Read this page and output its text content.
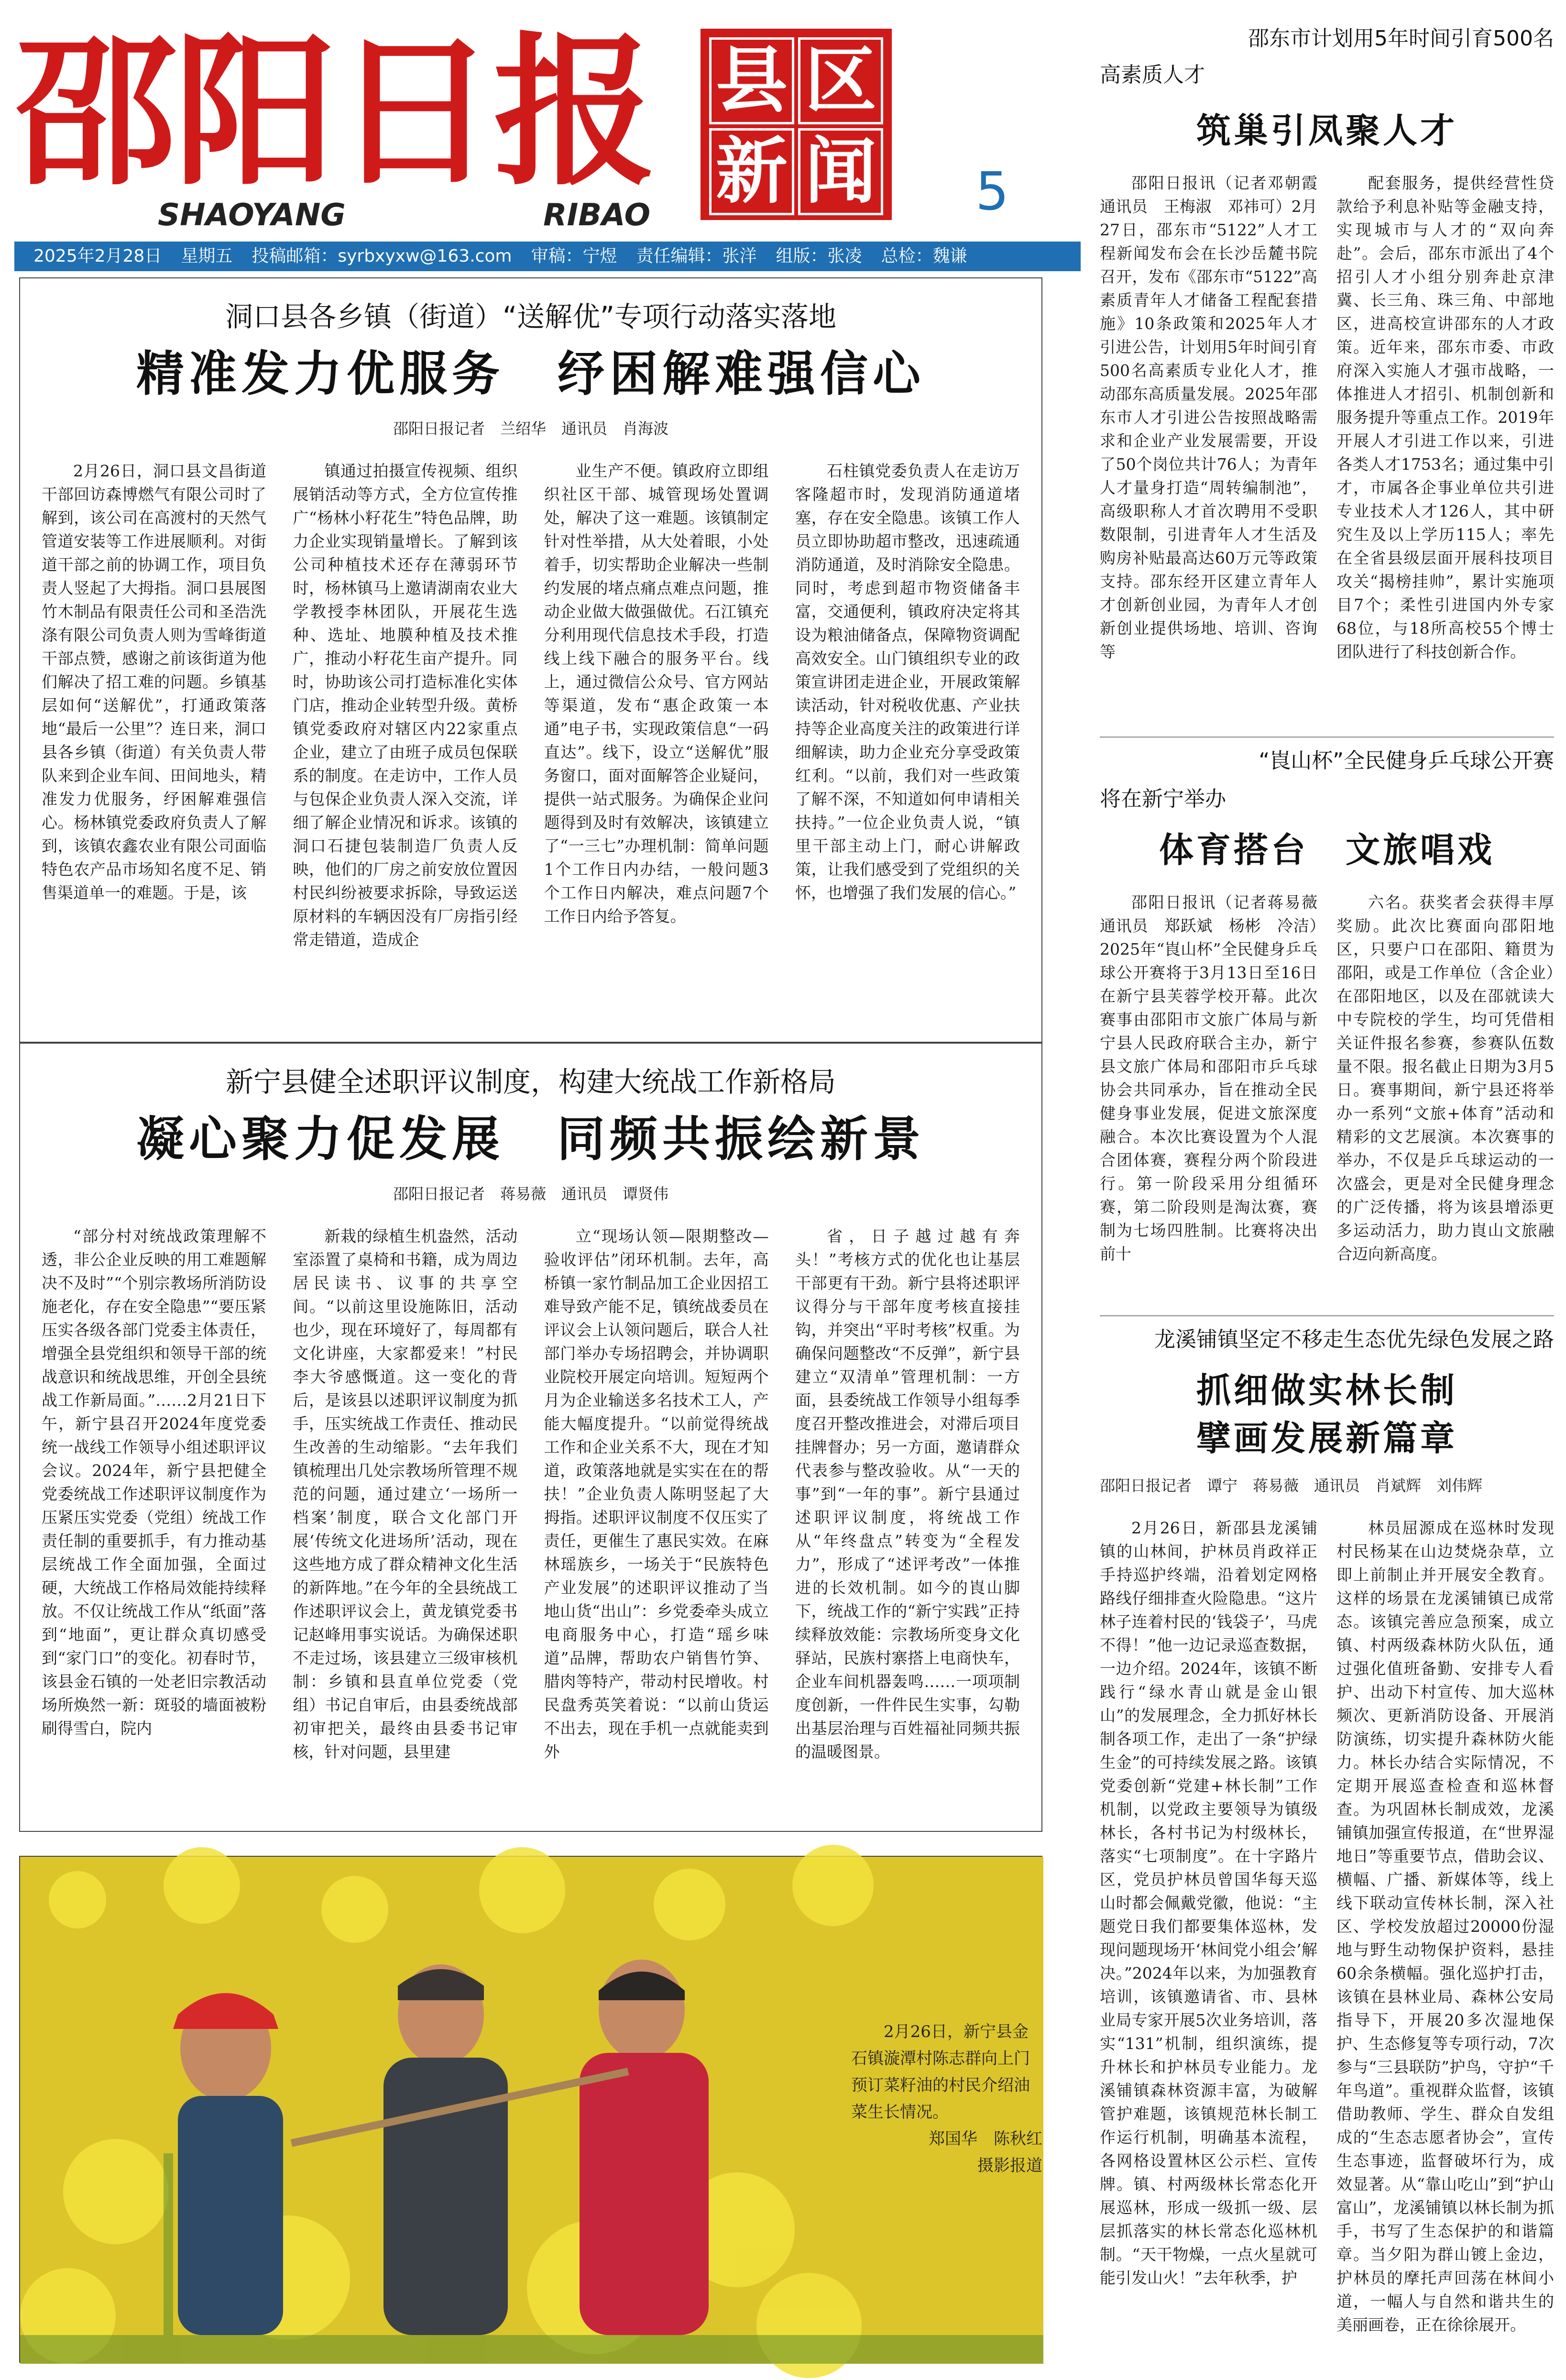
邵阳日报
SHAOYANG	RIBAO
县 区
新 闻 5
2025年2月28日 星期五 投稿邮箱：syrbxyxw@163.com 审稿：宁煜 责任编辑：张洋 组版：张凌 总检：魏谦
洞口县各乡镇（街道）“送解优”专项行动落实落地
精准发力优服务　纾困解难强信心
邵阳日报记者　兰绍华　通讯员　肖海波
2月26日，洞口县文昌街道干部回访森博燃气有限公司时了解到，该公司在高渡村的天然气管道安装等工作进展顺利。对街道干部之前的协调工作，项目负责人竖起了大拇指。洞口县展图竹木制品有限责任公司和圣浩洗涤有限公司负责人则为雪峰街道干部点赞，感谢之前该街道为他们解决了招工难的问题。乡镇基层如何“送解优”，打通政策落地“最后一公里”？连日来，洞口县各乡镇（街道）有关负责人带队来到企业车间、田间地头，精准发力优服务，纾困解难强信心。杨林镇党委政府负责人了解到，该镇农鑫农业有限公司面临特色农产品市场知名度不足、销售渠道单一的难题。于是，该
镇通过拍摄宣传视频、组织展销活动等方式，全方位宣传推广“杨林小籽花生”特色品牌，助力企业实现销量增长。了解到该公司种植技术还存在薄弱环节时，杨林镇马上邀请湖南农业大学教授李林团队，开展花生选种、选址、地膜种植及技术推广，推动小籽花生亩产提升。同时，协助该公司打造标准化实体门店，推动企业转型升级。黄桥镇党委政府对辖区内22家重点企业，建立了由班子成员包保联系的制度。在走访中，工作人员与包保企业负责人深入交流，详细了解企业情况和诉求。该镇的洞口石捷包装制造厂负责人反映，他们的厂房之前安放位置因村民纠纷被要求拆除，导致运送原材料的车辆因没有厂房指引经常走错道，造成企
业生产不便。镇政府立即组织社区干部、城管现场处置调处，解决了这一难题。该镇制定针对性举措，从大处着眼，小处着手，切实帮助企业解决一些制约发展的堵点痛点难点问题，推动企业做大做强做优。石江镇充分利用现代信息技术手段，打造线上线下融合的服务平台。线上，通过微信公众号、官方网站等渠道，发布“惠企政策一本通”电子书，实现政策信息“一码直达”。线下，设立“送解优”服务窗口，面对面解答企业疑问，提供一站式服务。为确保企业问题得到及时有效解决，该镇建立了“一三七”办理机制：简单问题1个工作日内办结，一般问题3个工作日内解决，难点问题7个工作日内给予答复。
石柱镇党委负责人在走访万客隆超市时，发现消防通道堵塞，存在安全隐患。该镇工作人员立即协助超市整改，迅速疏通消防通道，及时消除安全隐患。同时，考虑到超市物资储备丰富，交通便利，镇政府决定将其设为粮油储备点，保障物资调配高效安全。山门镇组织专业的政策宣讲团走进企业，开展政策解读活动，针对税收优惠、产业扶持等企业高度关注的政策进行详细解读，助力企业充分享受政策红利。“以前，我们对一些政策了解不深，不知道如何申请相关扶持。”一位企业负责人说，“镇里干部主动上门，耐心讲解政策，让我们感受到了党组织的关怀，也增强了我们发展的信心。”
新宁县健全述职评议制度，构建大统战工作新格局
凝心聚力促发展　同频共振绘新景
邵阳日报记者　蒋易薇　通讯员　谭贤伟
“部分村对统战政策理解不透，非公企业反映的用工难题解决不及时”“个别宗教场所消防设施老化，存在安全隐患”“要压紧压实各级各部门党委主体责任，增强全县党组织和领导干部的统战意识和统战思维，开创全县统战工作新局面。”……2月21日下午，新宁县召开2024年度党委统一战线工作领导小组述职评议会议。2024年，新宁县把健全党委统战工作述职评议制度作为压紧压实党委（党组）统战工作责任制的重要抓手，有力推动基层统战工作全面加强，全面过硬，大统战工作格局效能持续释放。不仅让统战工作从“纸面”落到“地面”，更让群众真切感受到“家门口”的变化。初春时节，该县金石镇的一处老旧宗教活动场所焕然一新：斑驳的墙面被粉刷得雪白，院内
新栽的绿植生机盎然，活动室添置了桌椅和书籍，成为周边居民读书、议事的共享空间。“以前这里设施陈旧，活动也少，现在环境好了，每周都有文化讲座，大家都爱来！”村民李大爷感慨道。这一变化的背后，是该县以述职评议制度为抓手，压实统战工作责任、推动民生改善的生动缩影。“去年我们镇梳理出几处宗教场所管理不规范的问题，通过建立‘一场所一档案’制度，联合文化部门开展‘传统文化进场所’活动，现在这些地方成了群众精神文化生活的新阵地。”在今年的全县统战工作述职评议会上，黄龙镇党委书记赵峰用事实说话。为确保述职不走过场，该县建立三级审核机制：乡镇和县直单位党委（党组）书记自审后，由县委统战部初审把关，最终由县委书记审核，针对问题，县里建
立“现场认领—限期整改—验收评估”闭环机制。去年，高桥镇一家竹制品加工企业因招工难导致产能不足，镇统战委员在评议会上认领问题后，联合人社部门举办专场招聘会，并协调职业院校开展定向培训。短短两个月为企业输送多名技术工人，产能大幅度提升。“以前觉得统战工作和企业关系不大，现在才知道，政策落地就是实实在在的帮扶！”企业负责人陈明竖起了大拇指。述职评议制度不仅压实了责任，更催生了惠民实效。在麻林瑶族乡，一场关于“民族特色产业发展”的述职评议推动了当地山货“出山”：乡党委牵头成立电商服务中心，打造“瑶乡味道”品牌，帮助农户销售竹笋、腊肉等特产，带动村民增收。村民盘秀英笑着说：“以前山货运不出去，现在手机一点就能卖到外
省，日子越过越有奔头！”考核方式的优化也让基层干部更有干劲。新宁县将述职评议得分与干部年度考核直接挂钩，并突出“平时考核”权重。为确保问题整改“不反弹”，新宁县建立“双清单”管理机制：一方面，县委统战工作领导小组每季度召开整改推进会，对滞后项目挂牌督办；另一方面，邀请群众代表参与整改验收。从“一天的事”到“一年的事”。新宁县通过述职评议制度，将统战工作从“年终盘点”转变为“全程发力”，形成了“述评考改”一体推进的长效机制。如今的崀山脚下，统战工作的“新宁实践”正持续释放效能：宗教场所变身文化驿站，民族村寨搭上电商快车，企业车间机器轰鸣……一项项制度创新，一件件民生实事，勾勒出基层治理与百姓福祉同频共振的温暖图景。
2月26日，新宁县金石镇漩潭村陈志群向上门预订菜籽油的村民介绍油菜生长情况。
郑国华　陈秋红
摄影报道
邵东市计划用5年时间引育500名
高素质人才
筑巢引凤聚人才
邵阳日报讯（记者邓朝霞　通讯员　王梅淑　邓祎可）2月27日，邵东市“5122”人才工程新闻发布会在长沙岳麓书院召开，发布《邵东市“5122”高素质青年人才储备工程配套措施》10条政策和2025年人才引进公告，计划用5年时间引育500名高素质专业化人才，推动邵东高质量发展。2025年邵东市人才引进公告按照战略需求和企业产业发展需要，开设了50个岗位共计76人；为青年人才量身打造“周转编制池”，高级职称人才首次聘用不受职数限制，引进青年人才生活及购房补贴最高达60万元等政策支持。邵东经开区建立青年人才创新创业园，为青年人才创新创业提供场地、培训、咨询等
配套服务，提供经营性贷款给予利息补贴等金融支持，实现城市与人才的“双向奔赴”。会后，邵东市派出了4个招引人才小组分别奔赴京津冀、长三角、珠三角、中部地区，进高校宣讲邵东的人才政策。近年来，邵东市委、市政府深入实施人才强市战略，一体推进人才招引、机制创新和服务提升等重点工作。2019年开展人才引进工作以来，引进各类人才1753名；通过集中引才，市属各企事业单位共引进专业技术人才126人，其中研究生及以上学历115人；率先在全省县级层面开展科技项目攻关“揭榜挂帅”，累计实施项目7个；柔性引进国内外专家68位，与18所高校55个博士团队进行了科技创新合作。
“崀山杯”全民健身乒乓球公开赛
将在新宁举办
体育搭台　文旅唱戏
邵阳日报讯（记者蒋易薇　通讯员　郑跃斌　杨彬　冷洁）2025年“崀山杯”全民健身乒乓球公开赛将于3月13日至16日在新宁县芙蓉学校开幕。此次赛事由邵阳市文旅广体局与新宁县人民政府联合主办，新宁县文旅广体局和邵阳市乒乓球协会共同承办，旨在推动全民健身事业发展，促进文旅深度融合。本次比赛设置为个人混合团体赛，赛程分两个阶段进行。第一阶段采用分组循环赛，第二阶段则是淘汰赛，赛制为七场四胜制。比赛将决出前十
六名。获奖者会获得丰厚奖励。此次比赛面向邵阳地区，只要户口在邵阳、籍贯为邵阳，或是工作单位（含企业）在邵阳地区，以及在邵就读大中专院校的学生，均可凭借相关证件报名参赛，参赛队伍数量不限。报名截止日期为3月5日。赛事期间，新宁县还将举办一系列“文旅+体育”活动和精彩的文艺展演。本次赛事的举办，不仅是乒乓球运动的一次盛会，更是对全民健身理念的广泛传播，将为该县增添更多运动活力，助力崀山文旅融合迈向新高度。
龙溪铺镇坚定不移走生态优先绿色发展之路
抓细做实林长制
擘画发展新篇章
邵阳日报记者　谭宁　蒋易薇　通讯员　肖斌辉　刘伟辉
2月26日，新邵县龙溪铺镇的山林间，护林员肖政祥正手持巡护终端，沿着划定网格路线仔细排查火险隐患。“这片林子连着村民的‘钱袋子’，马虎不得！”他一边记录巡查数据，一边介绍。2024年，该镇不断践行“绿水青山就是金山银山”的发展理念，全力抓好林长制各项工作，走出了一条“护绿生金”的可持续发展之路。该镇党委创新“党建+林长制”工作机制，以党政主要领导为镇级林长，各村书记为村级林长，落实“七项制度”。在十字路片区，党员护林员曾国华每天巡山时都会佩戴党徽，他说：“主题党日我们都要集体巡林，发现问题现场开‘林间党小组会’解决。”2024年以来，为加强教育培训，该镇邀请省、市、县林业局专家开展5次业务培训，落实“131”机制，组织演练，提升林长和护林员专业能力。龙溪铺镇森林资源丰富，为破解管护难题，该镇规范林长制工作运行机制，明确基本流程，各网格设置林区公示栏、宣传牌。镇、村两级林长常态化开展巡林，形成一级抓一级、层层抓落实的林长常态化巡林机制。“天干物燥，一点火星就可能引发山火！”去年秋季，护
林员屈源成在巡林时发现村民杨某在山边焚烧杂草，立即上前制止并开展安全教育。这样的场景在龙溪铺镇已成常态。该镇完善应急预案，成立镇、村两级森林防火队伍，通过强化值班备勤、安排专人看护、出动下村宣传、加大巡林频次、更新消防设备、开展消防演练，切实提升森林防火能力。林长办结合实际情况，不定期开展巡查检查和巡林督查。为巩固林长制成效，龙溪铺镇加强宣传报道，在“世界湿地日”等重要节点，借助会议、横幅、广播、新媒体等，线上线下联动宣传林长制，深入社区、学校发放超过20000份湿地与野生动物保护资料，悬挂60余条横幅。强化巡护打击，该镇在县林业局、森林公安局指导下，开展20多次湿地保护、生态修复等专项行动，7次参与“三县联防”护鸟，守护“千年鸟道”。重视群众监督，该镇借助教师、学生、群众自发组成的“生态志愿者协会”，宣传生态事迹，监督破坏行为，成效显著。从“靠山吃山”到“护山富山”，龙溪铺镇以林长制为抓手，书写了生态保护的和谐篇章。当夕阳为群山镀上金边，护林员的摩托声回荡在林间小道，一幅人与自然和谐共生的美丽画卷，正在徐徐展开。
